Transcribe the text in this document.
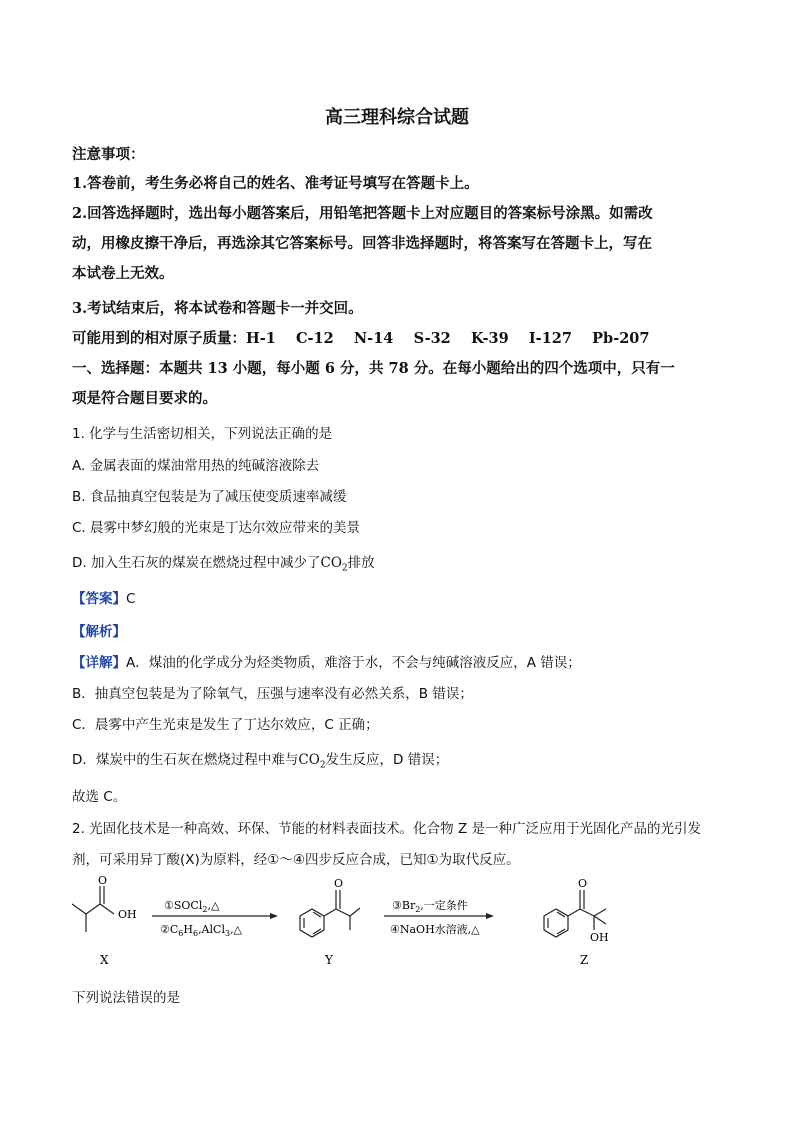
高三理科综合试题
注意事项：
1.答卷前，考生务必将自己的姓名、准考证号填写在答题卡上。
2.回答选择题时，选出每小题答案后，用铅笔把答题卡上对应题目的答案标号涂黑。如需改
动，用橡皮擦干净后，再选涂其它答案标号。回答非选择题时，将答案写在答题卡上，写在
本试卷上无效。
3.考试结束后，将本试卷和答题卡一并交回。
可能用到的相对原子质量：H-1    C-12    N-14    S-32    K-39    I-127    Pb-207
一、选择题：本题共 13 小题，每小题 6 分，共 78 分。在每小题给出的四个选项中，只有一
项是符合题目要求的。
1. 化学与生活密切相关，下列说法正确的是
A. 金属表面的煤油常用热的纯碱溶液除去
B. 食品抽真空包装是为了减压使变质速率减缓
C. 晨雾中梦幻般的光束是丁达尔效应带来的美景
D. 加入生石灰的煤炭在燃烧过程中减少了$CO_2$排放
【答案】C
【解析】
【详解】A．煤油的化学成分为烃类物质，难溶于水，不会与纯碱溶液反应，A 错误；
B．抽真空包装是为了除氧气，压强与速率没有必然关系，B 错误；
C．晨雾中产生光束是发生了丁达尔效应，C 正确；
D．煤炭中的生石灰在燃烧过程中难与$CO_2$发生反应，D 错误；
故选 C。
2. 光固化技术是一种高效、环保、节能的材料表面技术。化合物 Z 是一种广泛应用于光固化产品的光引发
剂，可采用异丁酸(X)为原料，经①～④四步反应合成，已知①为取代反应。
O
OH
X
①SOCl$_2$,△
$②C_6H_6,AlCl_3,\triangle$
O
Y
$③Br_2$,一定条件
④NaOH水溶液,△
O
OH
Z
下列说法错误的是
